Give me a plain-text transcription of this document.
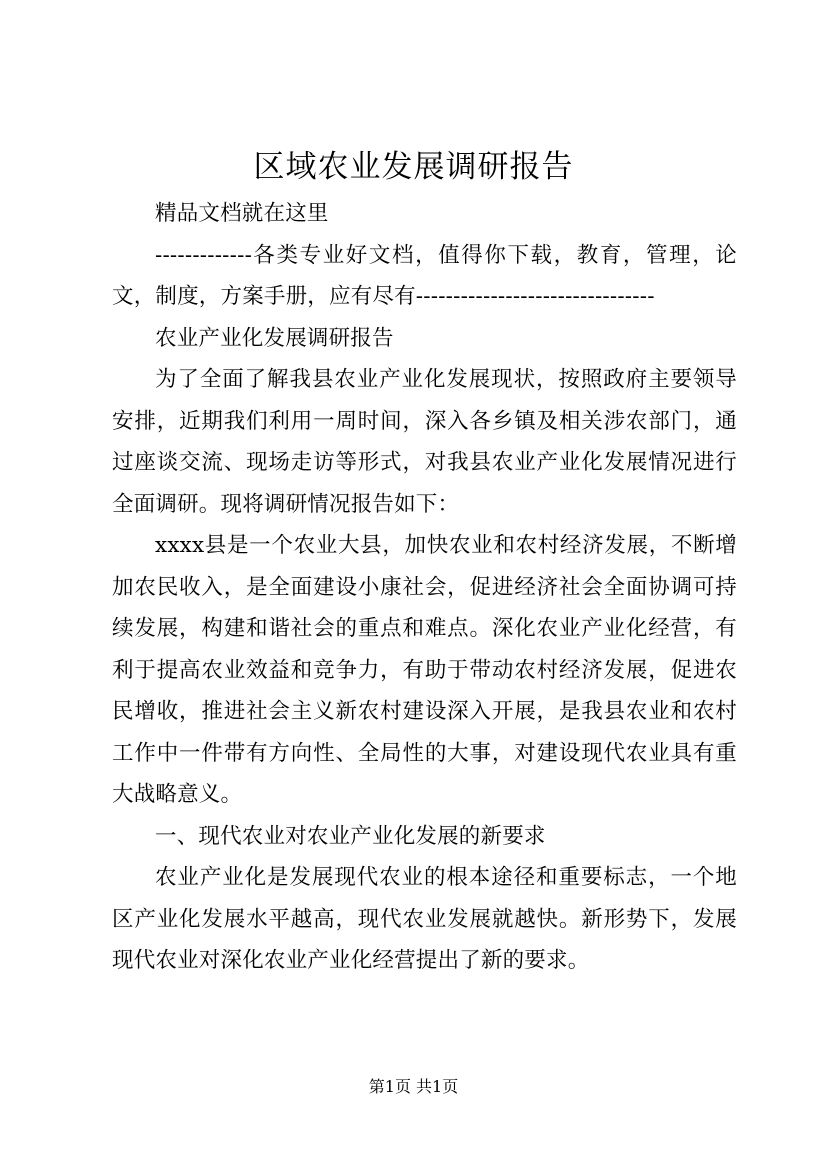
区域农业发展调研报告

精品文档就在这里

-------------各类专业好文档，值得你下载，教育，管理，论文，制度，方案手册，应有尽有--------------------------------

农业产业化发展调研报告

为了全面了解我县农业产业化发展现状，按照政府主要领导安排，近期我们利用一周时间，深入各乡镇及相关涉农部门，通过座谈交流、现场走访等形式，对我县农业产业化发展情况进行全面调研。现将调研情况报告如下：

xxxx县是一个农业大县，加快农业和农村经济发展，不断增加农民收入，是全面建设小康社会，促进经济社会全面协调可持续发展，构建和谐社会的重点和难点。深化农业产业化经营，有利于提高农业效益和竞争力，有助于带动农村经济发展，促进农民增收，推进社会主义新农村建设深入开展，是我县农业和农村工作中一件带有方向性、全局性的大事，对建设现代农业具有重大战略意义。

一、现代农业对农业产业化发展的新要求

农业产业化是发展现代农业的根本途径和重要标志，一个地区产业化发展水平越高，现代农业发展就越快。新形势下，发展现代农业对深化农业产业化经营提出了新的要求。

第1页 共1页
